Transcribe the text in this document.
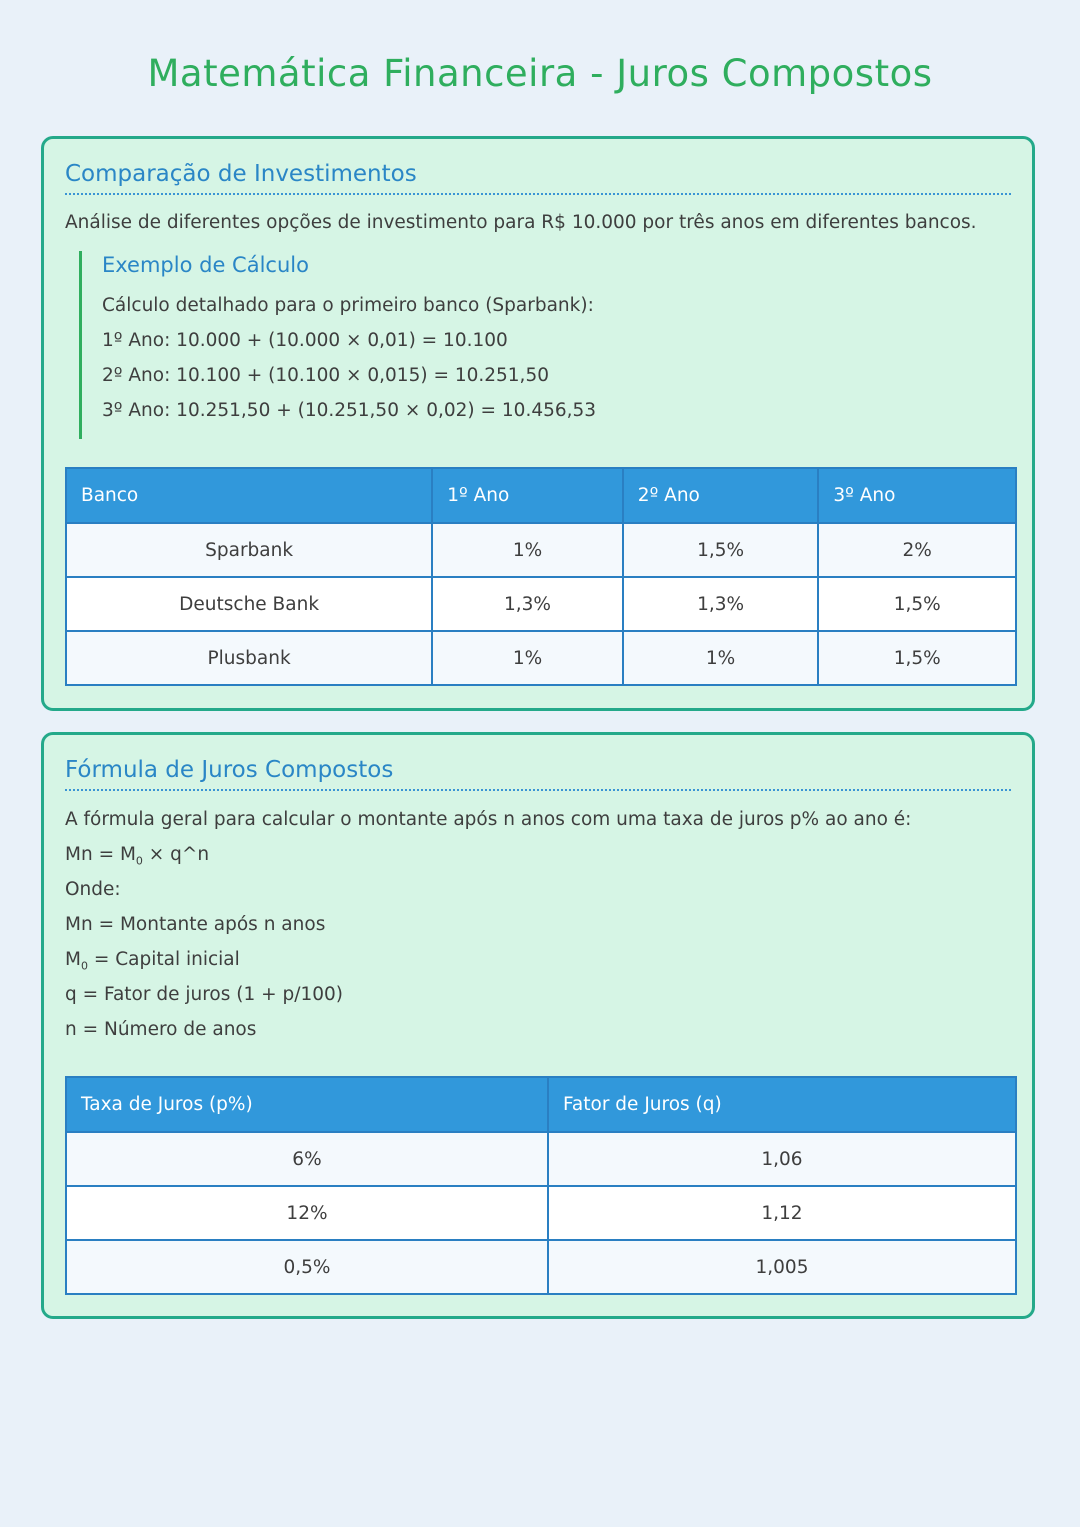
Matemática Financeira - Juros Compostos
Comparação de Investimentos

Análise de diferentes opções de investimento para R$ 10.000 por três anos em diferentes bancos.

Exemplo de Cálculo
Cálculo detalhado para o primeiro banco (Sparbank):
1º Ano: 10.000 + (10.000 × 0,01) = 10.100
2º Ano: 10.100 + (10.100 × 0,015) = 10.251,50
3º Ano: 10.251,50 + (10.251,50 × 0,02) = 10.456,53
Banco	1º Ano	2º Ano	3º Ano
Sparbank	1%	1,5%	2%
Deutsche Bank	1,3%	1,3%	1,5%
Plusbank	1%	1%	1,5%
Fórmula de Juros Compostos

A fórmula geral para calcular o montante após n anos com uma taxa de juros p% ao ano é:

$Mn = M_0$ × q^n

Onde:

Mn = Montante após n anos

$M_0$ = Capital inicial

q = Fator de juros (1 + p/100)

n = Número de anos

Taxa de Juros (p%)	Fator de Juros (q)
6%	1,06
12%	1,12
0,5%	1,005
